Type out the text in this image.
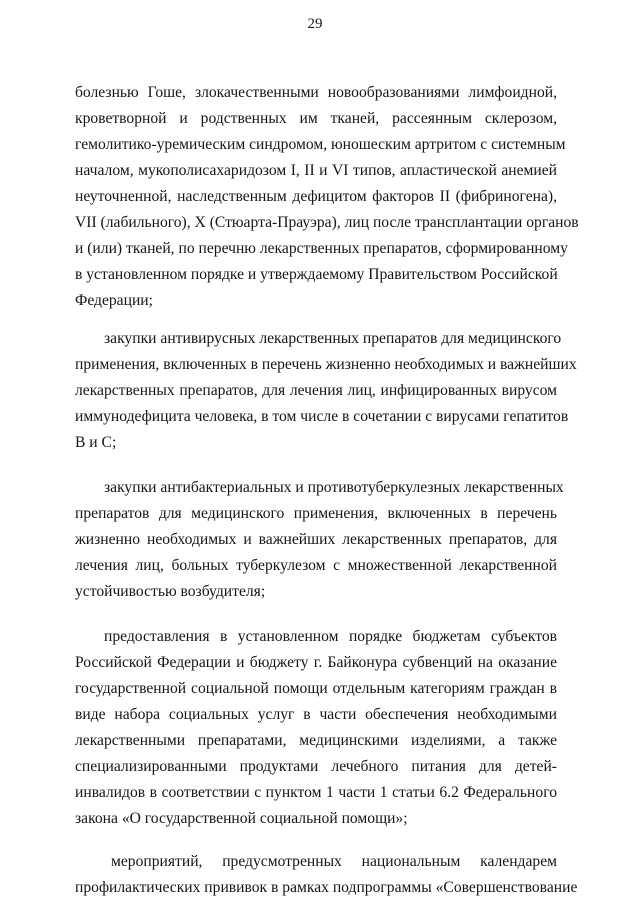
29

болезнью Гоше, злокачественными новообразованиями лимфоидной,

кроветворной и родственных им тканей, рассеянным склерозом,

гемолитико-уремическим синдромом, юношеским артритом с системным

началом, мукополисахаридозом I, II и VI типов, апластической анемией

неуточненной, наследственным дефицитом факторов II (фибриногена),

VII (лабильного), X (Стюарта-Прауэра), лиц после трансплантации органов

и (или) тканей, по перечню лекарственных препаратов, сформированному

в установленном порядке и утверждаемому Правительством Российской

Федерации;

закупки антивирусных лекарственных препаратов для медицинского

применения, включенных в перечень жизненно необходимых и важнейших

лекарственных препаратов, для лечения лиц, инфицированных вирусом

иммунодефицита человека, в том числе в сочетании с вирусами гепатитов

B и C;

закупки антибактериальных и противотуберкулезных лекарственных

препаратов для медицинского применения, включенных в перечень

жизненно необходимых и важнейших лекарственных препаратов, для

лечения лиц, больных туберкулезом с множественной лекарственной

устойчивостью возбудителя;

предоставления в установленном порядке бюджетам субъектов

Российской Федерации и бюджету г. Байконура субвенций на оказание

государственной социальной помощи отдельным категориям граждан в

виде набора социальных услуг в части обеспечения необходимыми

лекарственными препаратами, медицинскими изделиями, а также

специализированными продуктами лечебного питания для детей-

инвалидов в соответствии с пунктом 1 части 1 статьи 6.2 Федерального

закона «О государственной социальной помощи»;

мероприятий, предусмотренных национальным календарем

профилактических прививок в рамках подпрограммы «Совершенствование
